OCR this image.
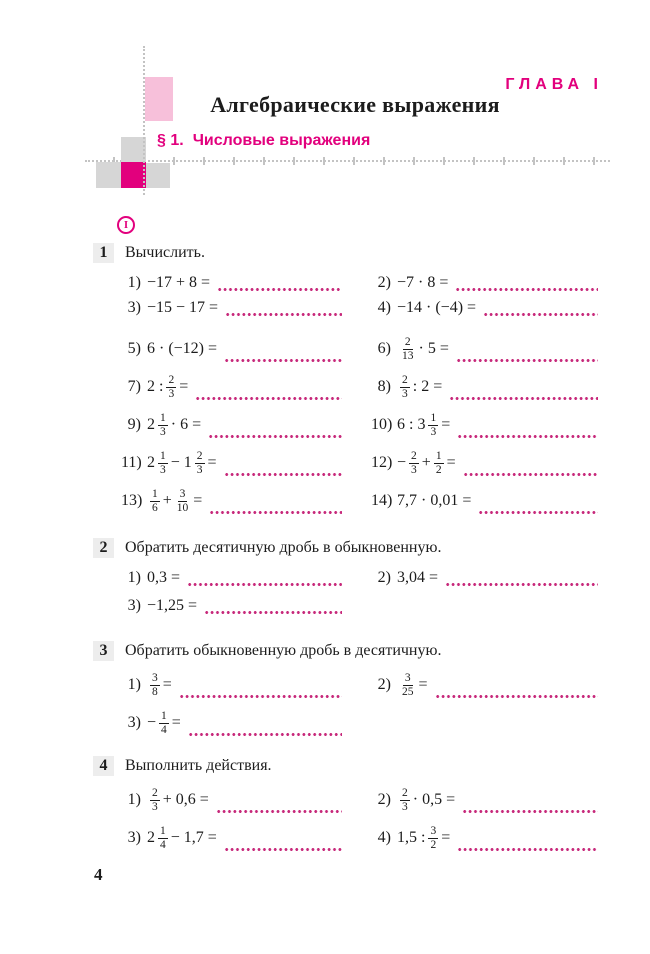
ГЛАВА I
Алгебраические выражения
§ 1. Числовые выражения
I
1	Вычислить.
1) −17 + 8 =	2) −7 · 8 =
3) −15 − 17 =	4) −14 · (−4) =
5) 6 · (−12) =	$6) \frac{2}{13} \cdot 5$ =
7) 2 : $\frac{2}{3}$ =	$8) \frac{2}{3}$ : 2 =
9) $2 \frac{1}{3} \cdot 6$ =	10) 6 : $3 \frac{1}{3}$ =
11) $2 \frac{1}{3} - 1 \frac{2}{3}$ =	$12) - \frac{2}{3} + \frac{1}{2}$ =
$13) \frac{1}{6} + \frac{3}{10}$ =	14) 7,7 · 0,01 =
2	Обратить десятичную дробь в обыкновенную.
1) 0,3 =	2) 3,04 =
3) −1,25 =
3	Обратить обыкновенную дробь в десятичную.
$1) \frac{3}{8}$ =	$2) \frac{3}{25}$ =
$3) - \frac{1}{4}$ =
4	Выполнить действия.
$1) \frac{2}{3} + 0,6$ =	$2) \frac{2}{3} \cdot 0,5$ =
3) $2 \frac{1}{4} - 1,7$ =	4) 1,5 : $\frac{3}{2}$ =
4
